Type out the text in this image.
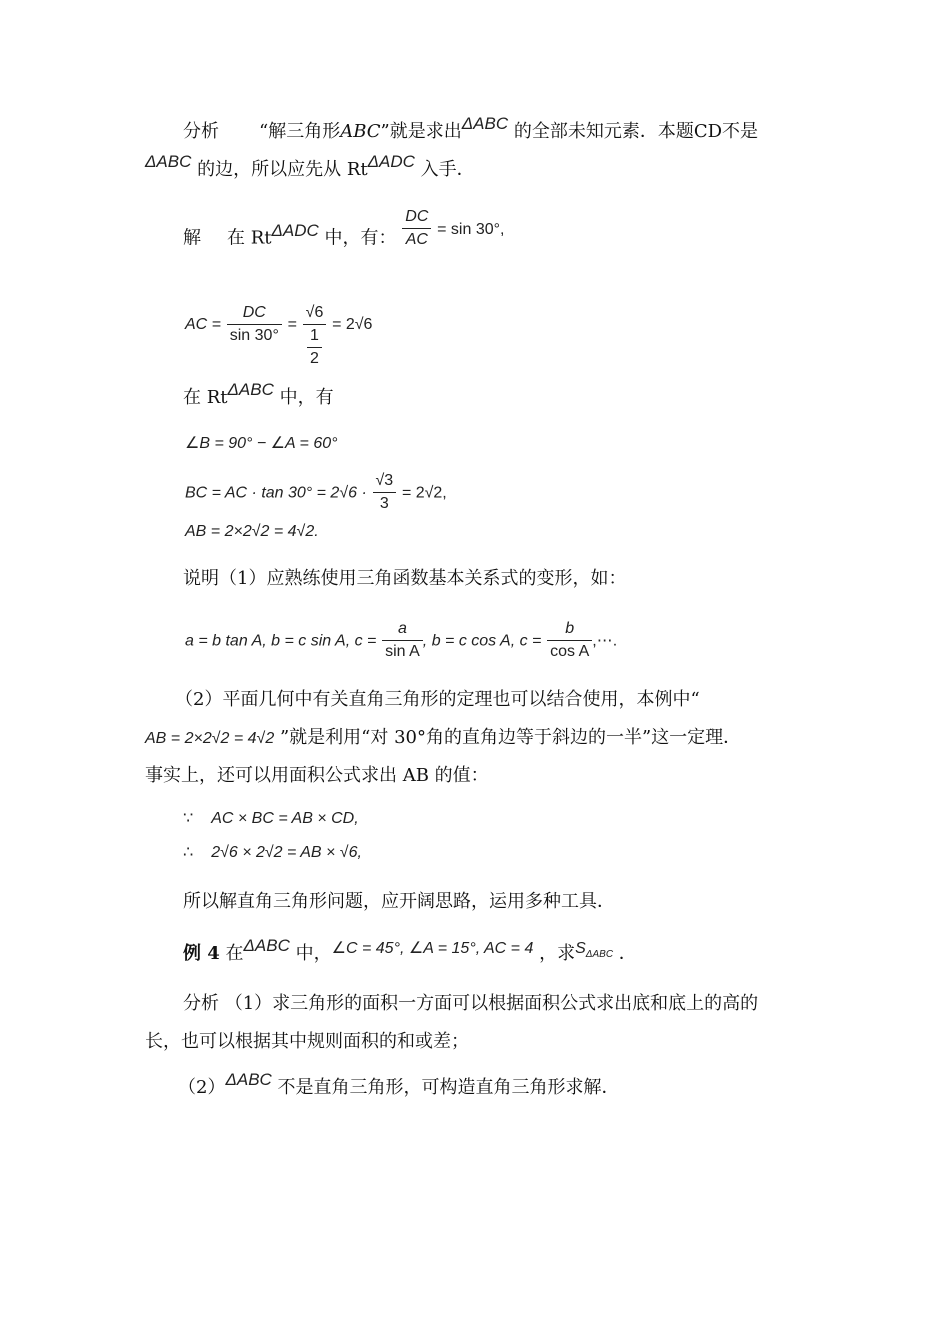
分析 “解三角形ABC”就是求出ΔABC 的全部未知元素．本题CD不是
ΔABC 的边，所以应先从 RtΔADC 入手．
解 在 RtΔADC 中，有： $\frac{DC}{AC} = \sin 30^\circ$,
AC = $\frac{DC}{\sin 30^\circ} = \frac{√6}{\frac{1}{2}} = 2√6$
在 RtΔABC 中，有
∠B = 90° − ∠A = 60°
BC = AC · $\tan 30^\circ = 2√6 \cdot \frac{√3}{3} = 2√2$,
AB = 2×2√2 = 4√2.
说明（1）应熟练使用三角函数基本关系式的变形，如：
a = b tan A, b = c sin A, $c = \frac{a}{\text{sin A}}$ , b = c cos A, $c = \frac{b}{\text{cos A}}$ ,⋯.
（2）平面几何中有关直角三角形的定理也可以结合使用，本例中“
AB = 2×2√2 = 4√2 ”就是利用“对 30°角的直角边等于斜边的一半”这一定理．
事实上，还可以用面积公式求出 AB 的值：
∵ AC × BC = AB × CD,
∴ 2√6 × 2√2 = AB × √6,
所以解直角三角形问题，应开阔思路，运用多种工具．
例 4 在ΔABC 中，∠C = 45°, ∠A = 15°, AC = 4 ，求$S_{\Delta ABC}$ ．
分析 （1）求三角形的面积一方面可以根据面积公式求出底和底上的高的
长，也可以根据其中规则面积的和或差；
（2）ΔABC 不是直角三角形，可构造直角三角形求解．
